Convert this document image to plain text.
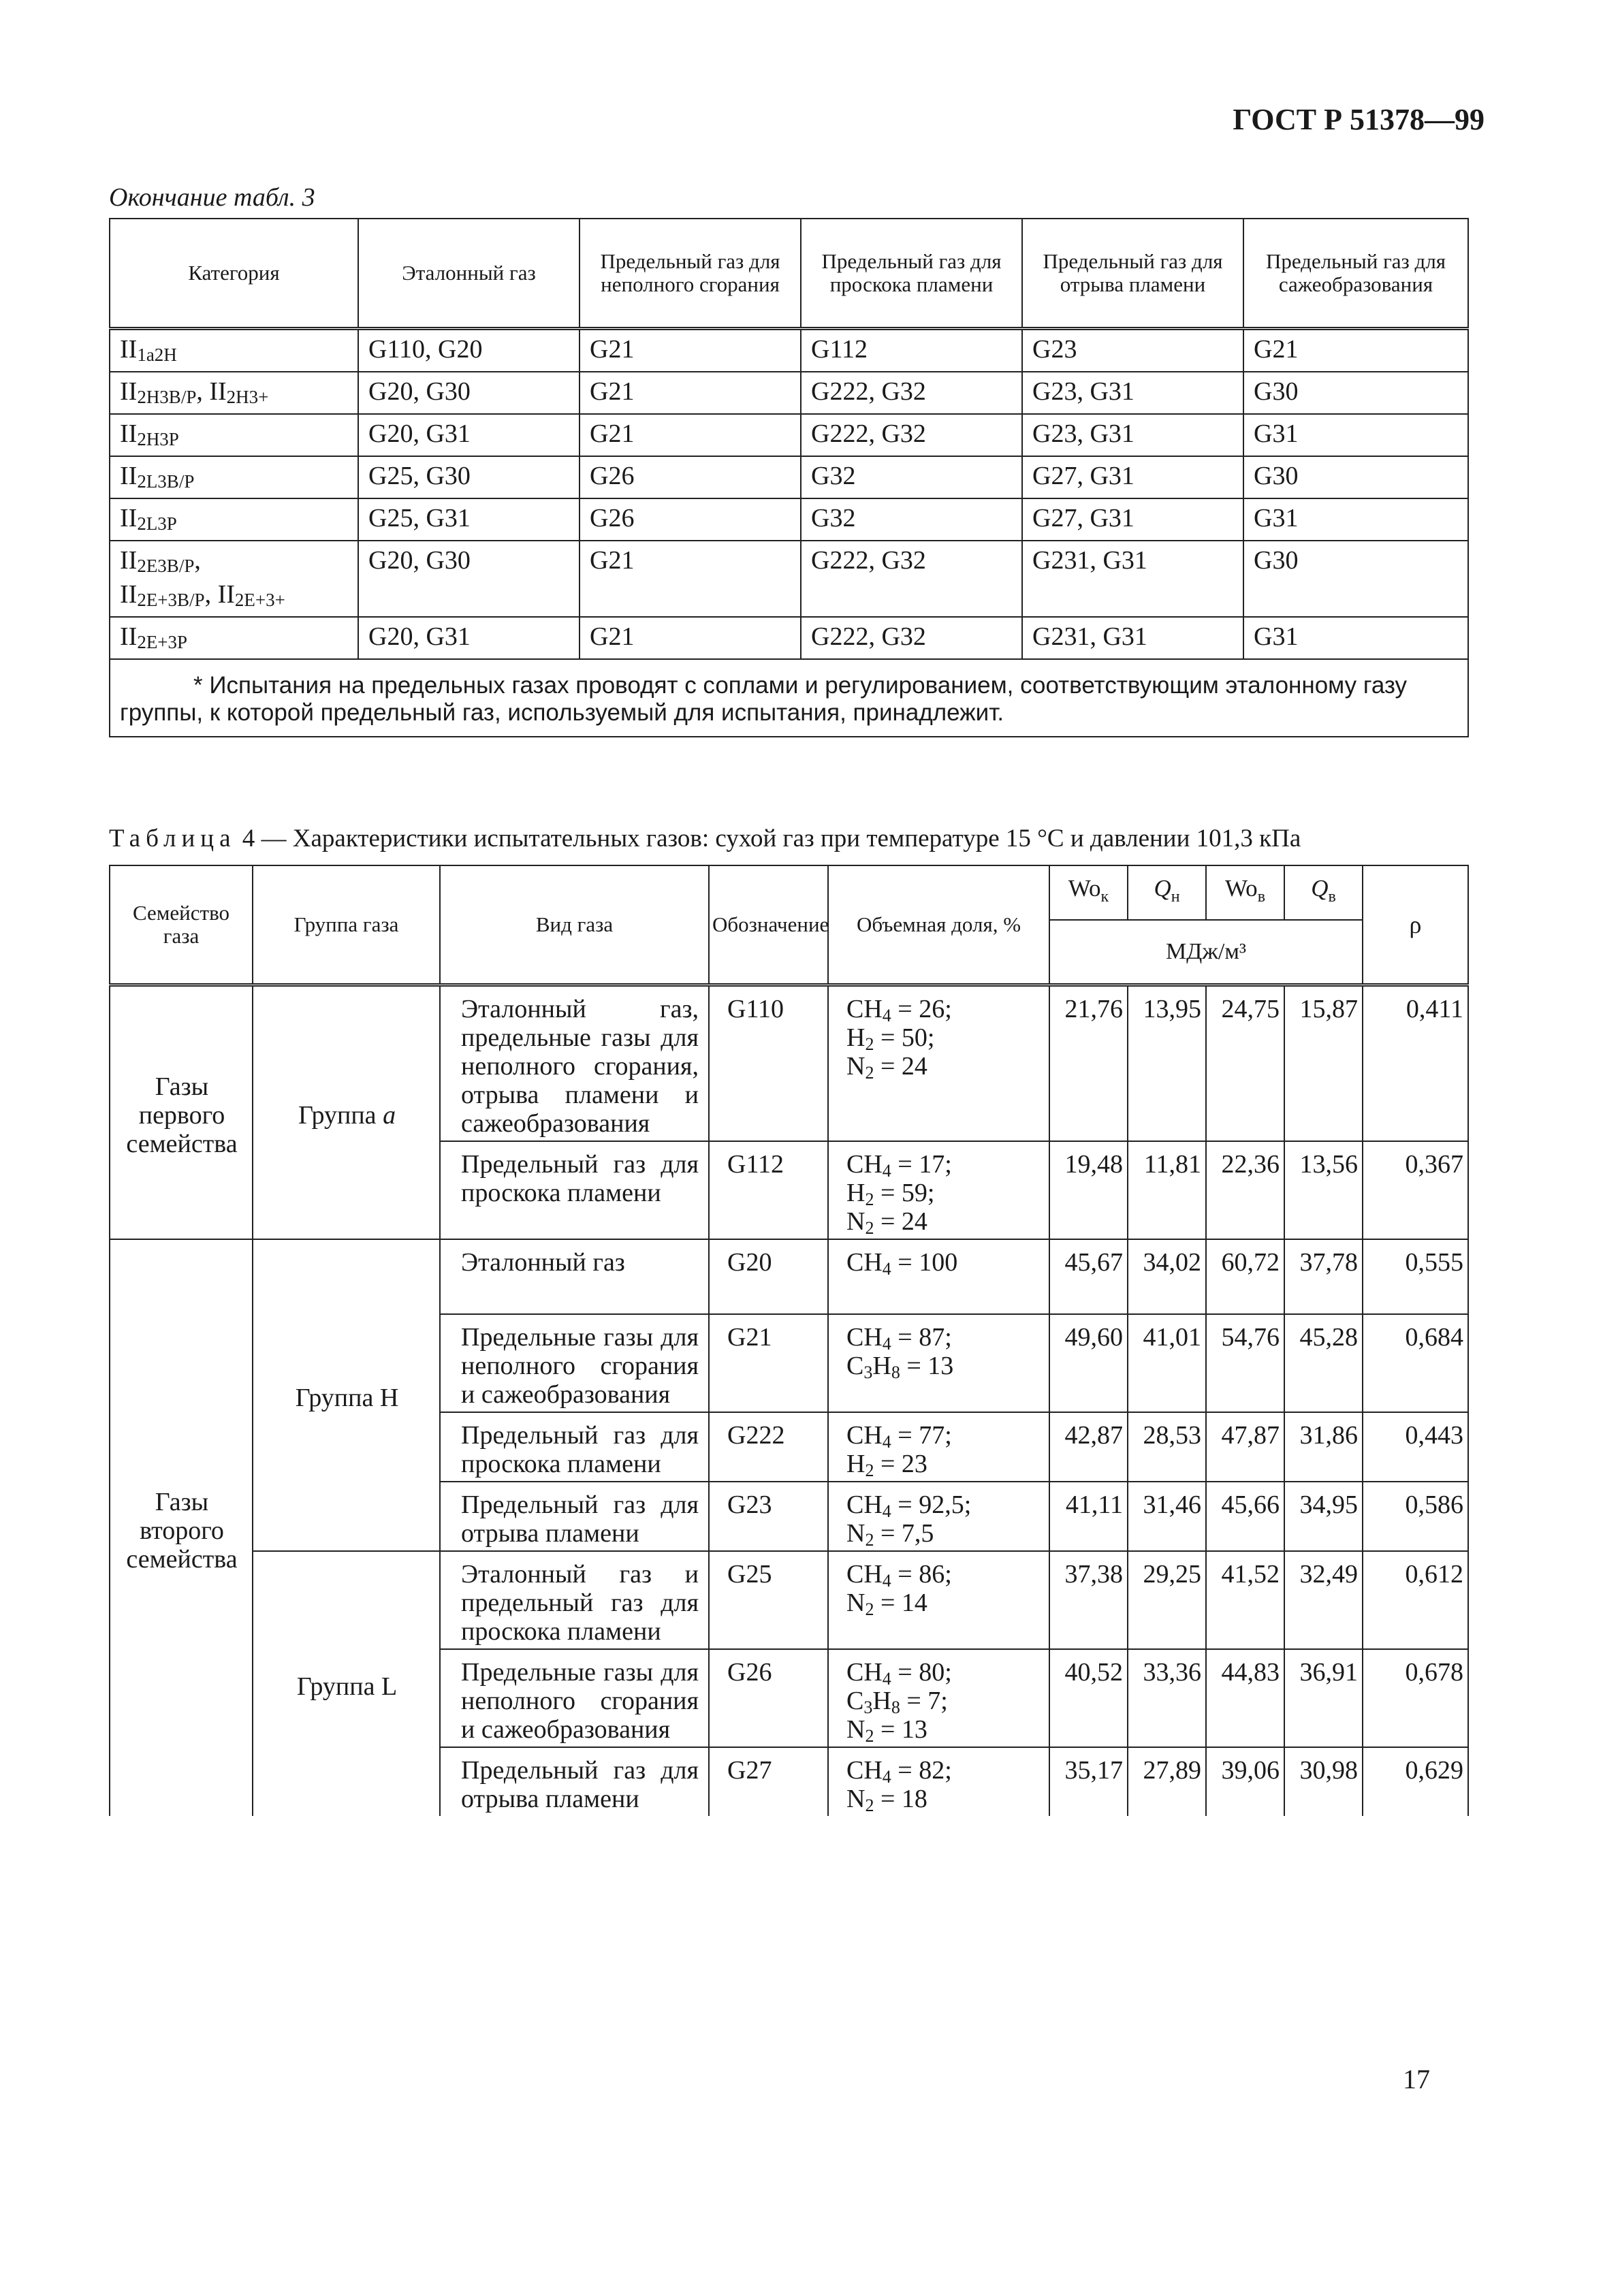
ГОСТ Р 51378—99
Окончание табл. 3
Категория	Эталонный газ	Предельный газ для неполного сгорания	Предельный газ для проскока пламени	Предельный газ для отрыва пламени	Предельный газ для сажеобразования
II1a2H	G110, G20	G21	G112	G23	G21
II2H3B/P, II2H3+	G20, G30	G21	G222, G32	G23, G31	G30
II2H3P	G20, G31	G21	G222, G32	G23, G31	G31
II2L3B/P	G25, G30	G26	G32	G27, G31	G30
II2L3P	G25, G31	G26	G32	G27, G31	G31
II2E3B/P,
II2E+3B/P, II2E+3+	G20, G30	G21	G222, G32	G231, G31	G30
II2E+3P	G20, G31	G21	G222, G32	G231, G31	G31
* Испытания на предельных газах проводят с соплами и регулированием, соответствующим эталонному газу группы, к которой предельный газ, используемый для испытания, принадлежит.					
Таблица 4 — Характеристики испытательных газов: сухой газ при температуре 15 °С и давлении 101,3 кПа
Семейство газа	Группа газа	Вид газа	Обозначение	Объемная доля, %	$Wo_к$	$Q_н$	$Wo_в$	$Q_в$	ρ
					МДж/м³				
Газы первого семейства	Группа a	Эталонный газ, предельные газы для неполного сгорания, отрыва пламени и сажеобразования	G110	$CH_4 = 26$;
$H_2 = 50$;
$N_2 = 24$	21,76	13,95	24,75	15,87	0,411
		Предельный газ для проскока пламени	G112	$CH_4 = 17$;
$H_2 = 59$;
$N_2 = 24$	19,48	11,81	22,36	13,56	0,367
Газы второго семейства	Группа Н	Эталонный газ	G20	$CH_4 = 100$	45,67	34,02	60,72	37,78	0,555
		Предельные газы для неполного сгорания и сажеобразования	G21	$CH_4 = 87$;
$C_3H_8 = 13$	49,60	41,01	54,76	45,28	0,684
		Предельный газ для проскока пламени	G222	$CH_4 = 77$;
$H_2 = 23$	42,87	28,53	47,87	31,86	0,443
		Предельный газ для отрыва пламени	G23	$CH_4 = 92,5$;
$N_2 = 7,5$	41,11	31,46	45,66	34,95	0,586
	Группа L	Эталонный газ и предельный газ для проскока пламени	G25	$CH_4 = 86$;
$N_2 = 14$	37,38	29,25	41,52	32,49	0,612
		Предельные газы для неполного сгорания и сажеобразования	G26	$CH_4 = 80$;
$C_3H_8 = 7$;
$N_2 = 13$	40,52	33,36	44,83	36,91	0,678
		Предельный газ для отрыва пламени	G27	$CH_4 = 82$;
$N_2 = 18$	35,17	27,89	39,06	30,98	0,629
17
